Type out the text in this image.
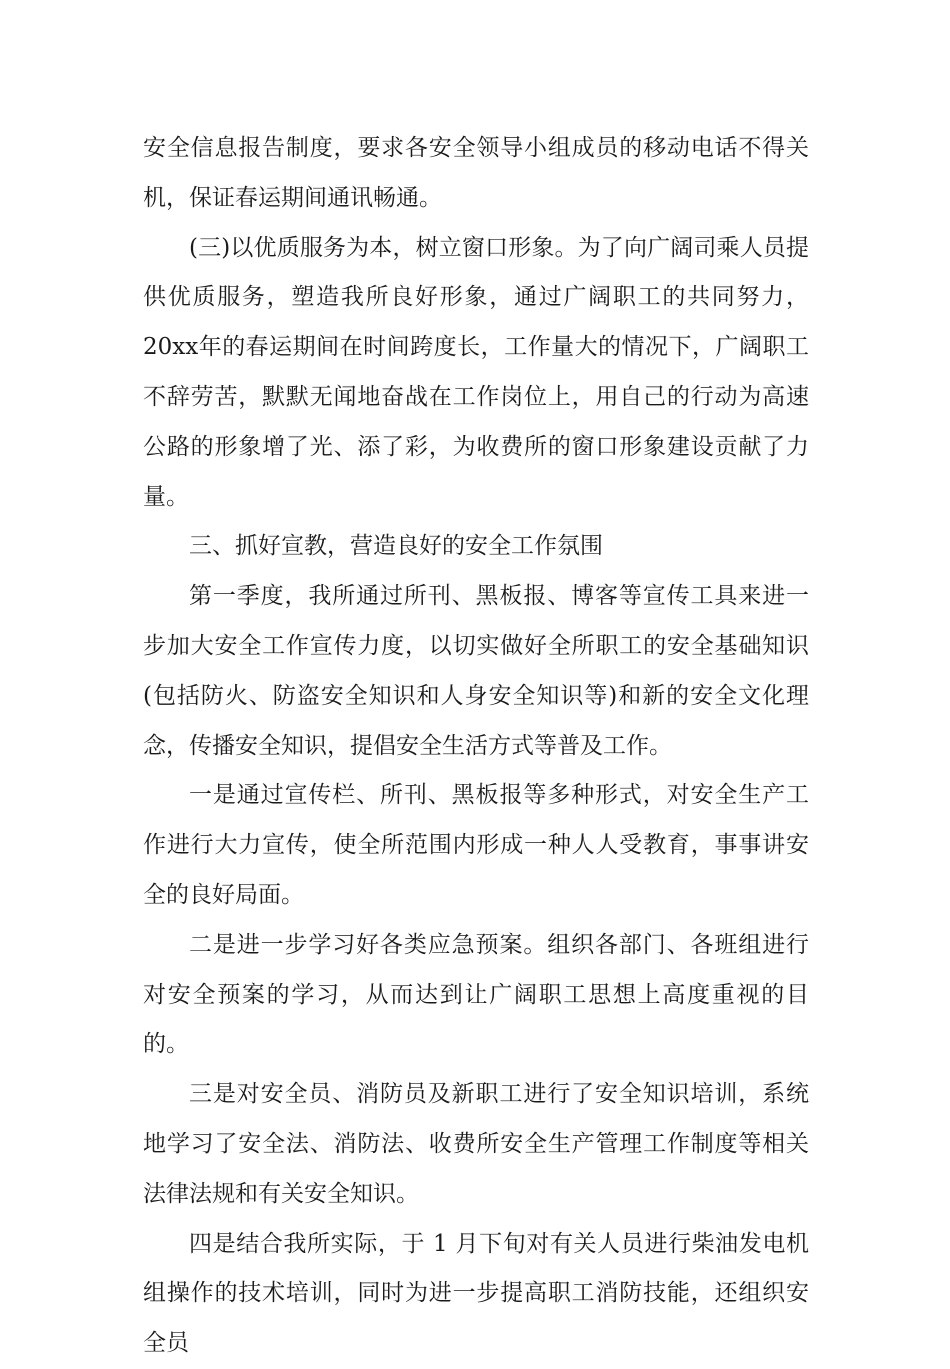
安全信息报告制度，要求各安全领导小组成员的移动电话不得关机，保证春运期间通讯畅通。

(三)以优质服务为本，树立窗口形象。为了向广阔司乘人员提供优质服务，塑造我所良好形象，通过广阔职工的共同努力，20xx年的春运期间在时间跨度长，工作量大的情况下，广阔职工不辞劳苦，默默无闻地奋战在工作岗位上，用自己的行动为高速公路的形象增了光、添了彩，为收费所的窗口形象建设贡献了力量。

三、抓好宣教，营造良好的安全工作氛围

第一季度，我所通过所刊、黑板报、博客等宣传工具来进一步加大安全工作宣传力度，以切实做好全所职工的安全基础知识(包括防火、防盗安全知识和人身安全知识等)和新的安全文化理念，传播安全知识，提倡安全生活方式等普及工作。

一是通过宣传栏、所刊、黑板报等多种形式，对安全生产工作进行大力宣传，使全所范围内形成一种人人受教育，事事讲安全的良好局面。

二是进一步学习好各类应急预案。组织各部门、各班组进行对安全预案的学习，从而达到让广阔职工思想上高度重视的目的。

三是对安全员、消防员及新职工进行了安全知识培训，系统地学习了安全法、消防法、收费所安全生产管理工作制度等相关法律法规和有关安全知识。

四是结合我所实际，于 1 月下旬对有关人员进行柴油发电机组操作的技术培训，同时为进一步提高职工消防技能，还组织安全员
